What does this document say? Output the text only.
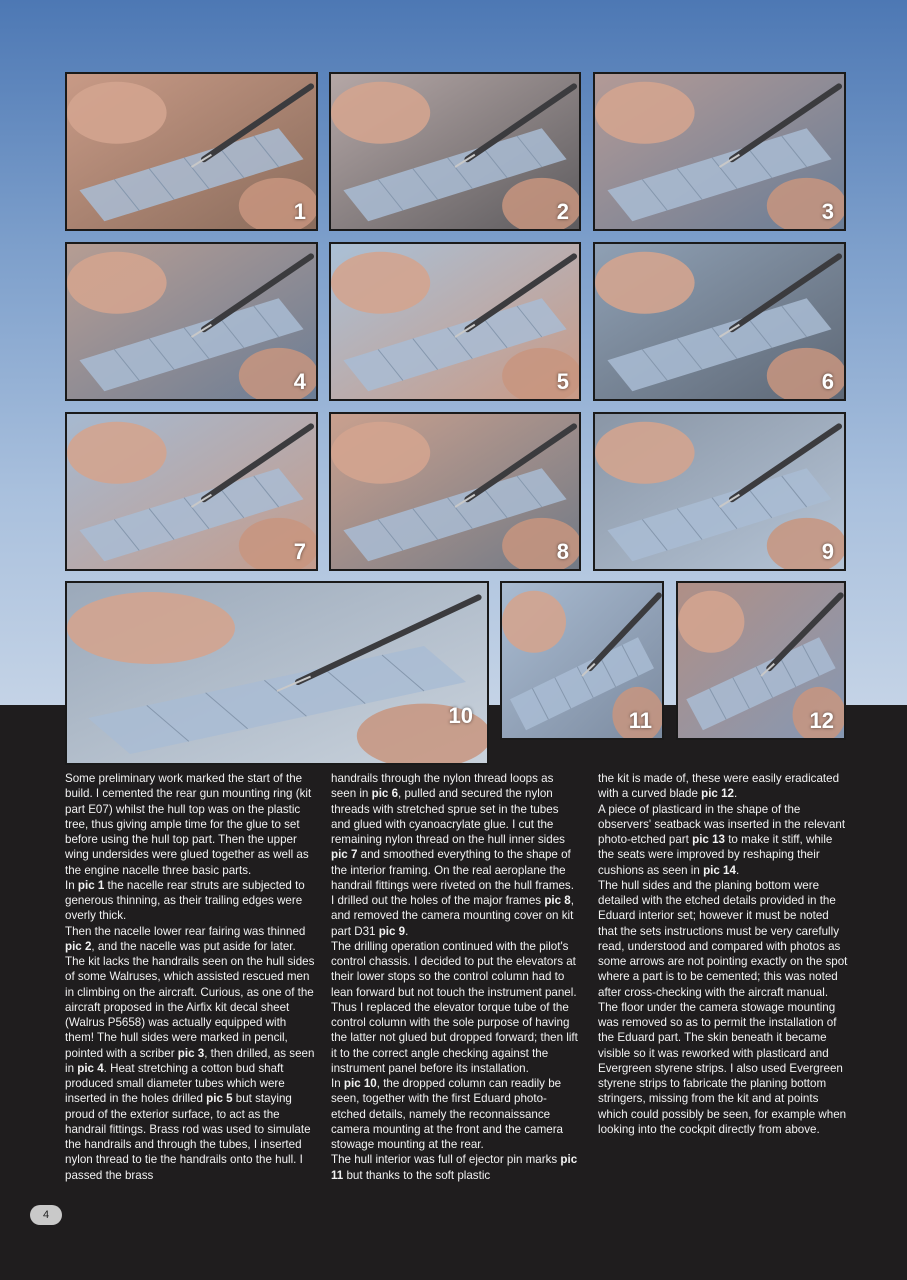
1	2	3
4	5	6
7	8	9
10	11	12

Some preliminary work marked the start of the build. I cemented the rear gun mounting ring (kit part E07) whilst the hull top was on the plastic tree, thus giving ample time for the glue to set before using the hull top part. Then the upper wing undersides were glued together as well as the engine nacelle three basic parts.

In pic 1 the nacelle rear struts are subjected to generous thinning, as their trailing edges were overly thick.

Then the nacelle lower rear fairing was thinned pic 2, and the nacelle was put aside for later.

The kit lacks the handrails seen on the hull sides of some Walruses, which assisted rescued men in climbing on the aircraft. Curious, as one of the aircraft proposed in the Airfix kit decal sheet (Walrus P5658) was actually equipped with them! The hull sides were marked in pencil, pointed with a scriber pic 3, then drilled, as seen in pic 4. Heat stretching a cotton bud shaft produced small diameter tubes which were inserted in the holes drilled pic 5 but staying proud of the exterior surface, to act as the handrail fittings. Brass rod was used to simulate the handrails and through the tubes, I inserted nylon thread to tie the handrails onto the hull. I passed the brass

handrails through the nylon thread loops as seen in pic 6, pulled and secured the nylon threads with stretched sprue set in the tubes and glued with cyanoacrylate glue. I cut the remaining nylon thread on the hull inner sides pic 7 and smoothed everything to the shape of the interior framing. On the real aeroplane the handrail fittings were riveted on the hull frames.

I drilled out the holes of the major frames pic 8, and removed the camera mounting cover on kit part D31 pic 9.

The drilling operation continued with the pilot's control chassis. I decided to put the elevators at their lower stops so the control column had to lean forward but not touch the instrument panel. Thus I replaced the elevator torque tube of the control column with the sole purpose of having the latter not glued but dropped forward; then lift it to the correct angle checking against the instrument panel before its installation.

In pic 10, the dropped column can readily be seen, together with the first Eduard photo-etched details, namely the reconnaissance camera mounting at the front and the camera stowage mounting at the rear.

The hull interior was full of ejector pin marks pic 11 but thanks to the soft plastic

the kit is made of, these were easily eradicated with a curved blade pic 12.

A piece of plasticard in the shape of the observers' seatback was inserted in the relevant photo-etched part pic 13 to make it stiff, while the seats were improved by reshaping their cushions as seen in pic 14.

The hull sides and the planing bottom were detailed with the etched details provided in the Eduard interior set; however it must be noted that the sets instructions must be very carefully read, understood and compared with photos as some arrows are not pointing exactly on the spot where a part is to be cemented; this was noted after cross-checking with the aircraft manual.

The floor under the camera stowage mounting was removed so as to permit the installation of the Eduard part. The skin beneath it became visible so it was reworked with plasticard and Evergreen styrene strips. I also used Evergreen styrene strips to fabricate the planing bottom stringers, missing from the kit and at points which could possibly be seen, for example when looking into the cockpit directly from above.

4
